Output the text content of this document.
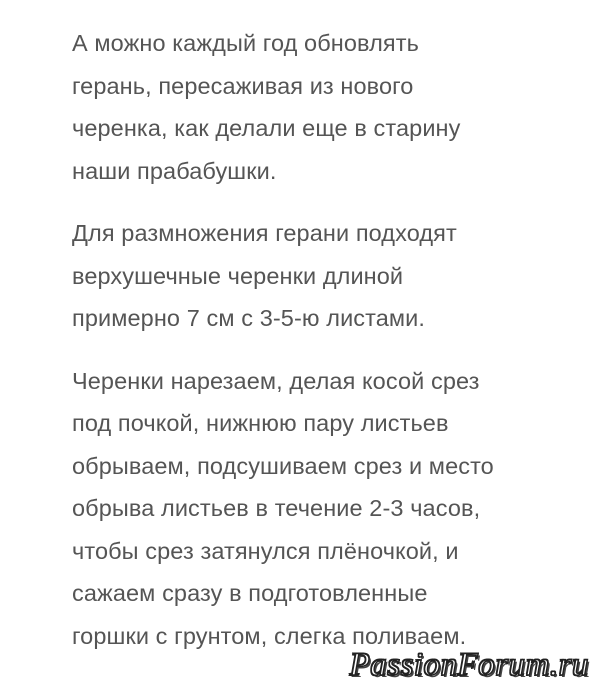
А можно каждый год обновлять
герань, пересаживая из нового
черенка, как делали еще в старину
наши прабабушки.
Для размножения герани подходят
верхушечные черенки длиной
примерно 7 см с 3-5-ю листами.
Черенки нарезаем, делая косой срез
под почкой, нижнюю пару листьев
обрываем, подсушиваем срез и место
обрыва листьев в течение 2-3 часов,
чтобы срез затянулся плёночкой, и
сажаем сразу в подготовленные
горшки с грунтом, слегка поливаем.
PassionForum.ru
